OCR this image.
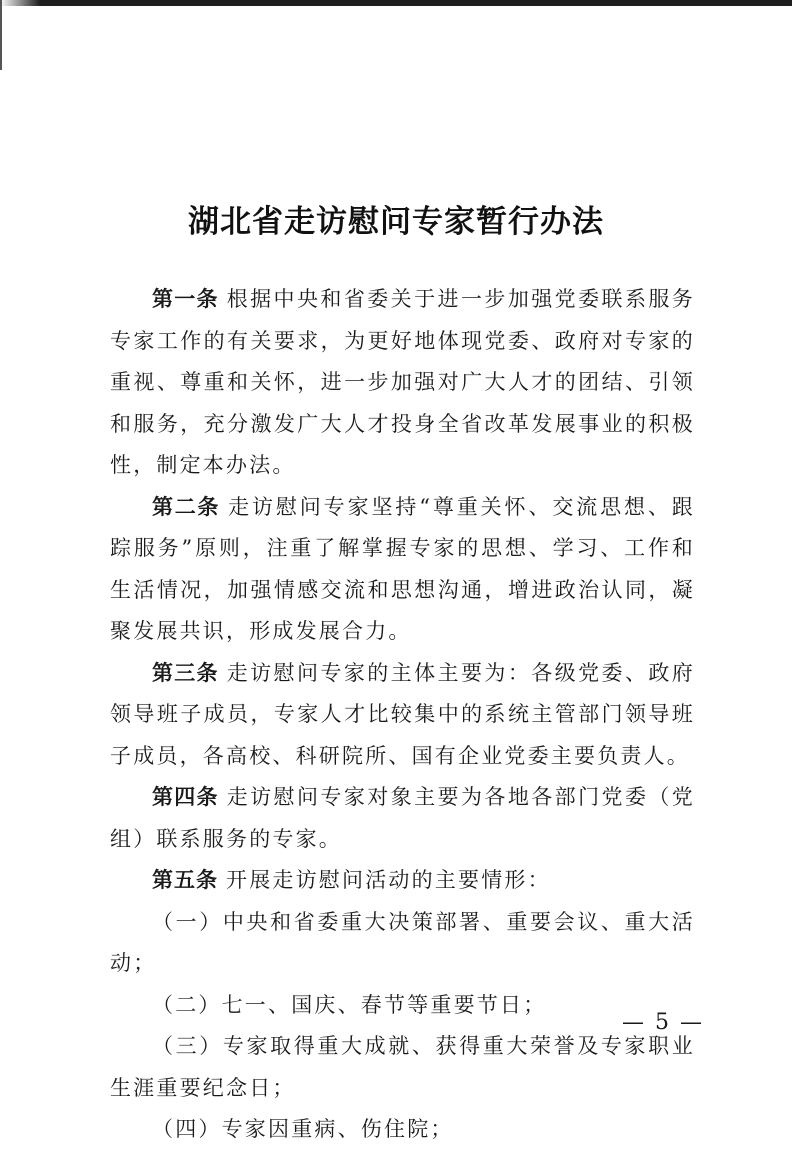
湖北省走访慰问专家暂行办法

第一条 根据中央和省委关于进一步加强党委联系服务专家工作的有关要求，为更好地体现党委、政府对专家的重视、尊重和关怀，进一步加强对广大人才的团结、引领和服务，充分激发广大人才投身全省改革发展事业的积极性，制定本办法。

第二条 走访慰问专家坚持“尊重关怀、交流思想、跟踪服务”原则，注重了解掌握专家的思想、学习、工作和生活情况，加强情感交流和思想沟通，增进政治认同，凝聚发展共识，形成发展合力。

第三条 走访慰问专家的主体主要为：各级党委、政府领导班子成员，专家人才比较集中的系统主管部门领导班子成员，各高校、科研院所、国有企业党委主要负责人。

第四条 走访慰问专家对象主要为各地各部门党委（党组）联系服务的专家。

第五条 开展走访慰问活动的主要情形：

（一）中央和省委重大决策部署、重要会议、重大活动；

（二）七一、国庆、春节等重要节日；

（三）专家取得重大成就、获得重大荣誉及专家职业生涯重要纪念日；

（四）专家因重病、伤住院；

— 5 —
